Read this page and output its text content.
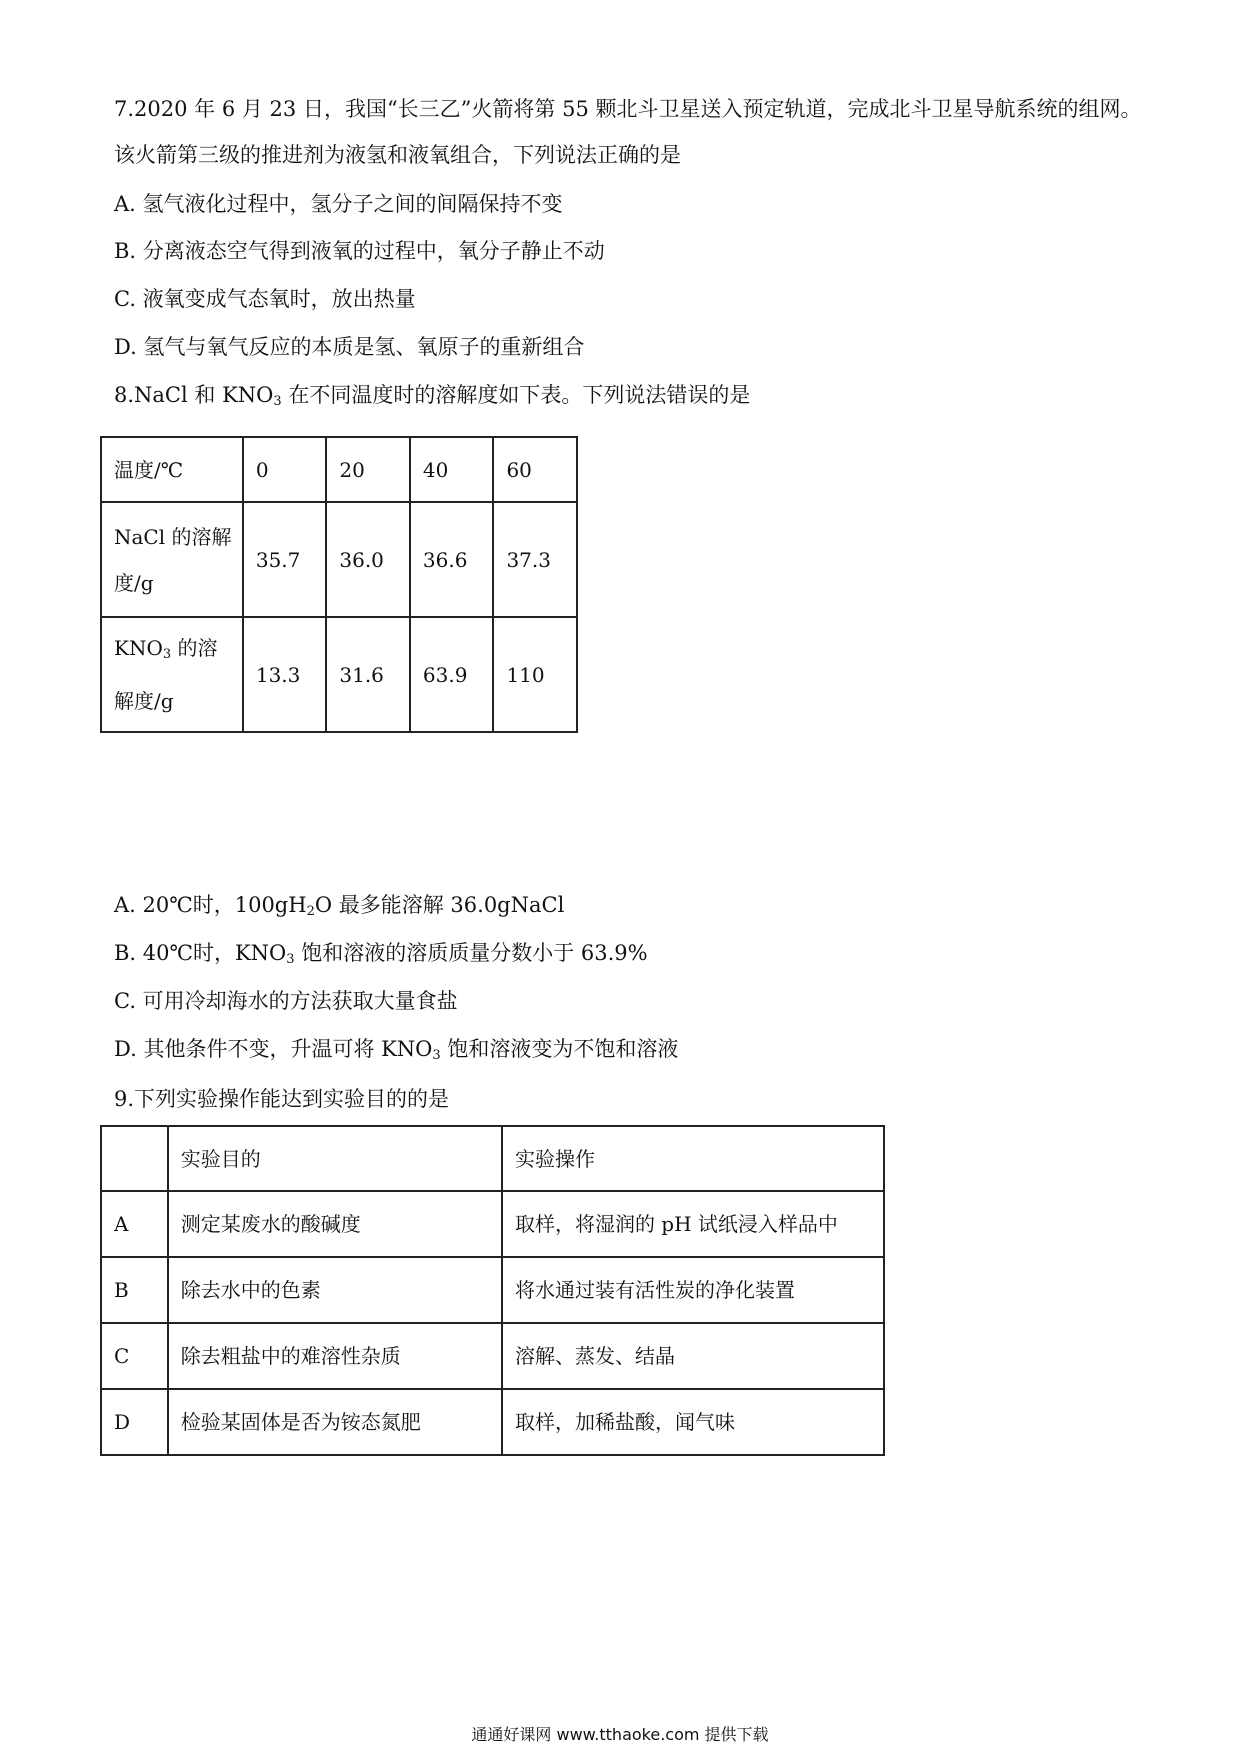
7.2020 年 6 月 23 日，我国“长三乙”火箭将第 55 颗北斗卫星送入预定轨道，完成北斗卫星导航系统的组网。
该火箭第三级的推进剂为液氢和液氧组合，下列说法正确的是
A. 氢气液化过程中，氢分子之间的间隔保持不变
B. 分离液态空气得到液氧的过程中，氧分子静止不动
C. 液氧变成气态氧时，放出热量
D. 氢气与氧气反应的本质是氢、氧原子的重新组合
8.NaCl 和 $KNO_3$ 在不同温度时的溶解度如下表。下列说法错误的是
温度/℃	0	20	40	60

NaCl 的溶解
度/g	35.7	36.0	36.6	37.3

$KNO_3$ 的溶
解度/g	13.3	31.6	63.9	110
A. 20℃时，$100gH_2O$ 最多能溶解 36.0gNaCl
B. 40℃时，$KNO_3$ 饱和溶液的溶质质量分数小于 63.9%
C. 可用冷却海水的方法获取大量食盐
D. 其他条件不变，升温可将 $KNO_3$ 饱和溶液变为不饱和溶液
9.下列实验操作能达到实验目的的是
	实验目的	实验操作
A	测定某废水的酸碱度	取样，将湿润的 pH 试纸浸入样品中
B	除去水中的色素	将水通过装有活性炭的净化装置
C	除去粗盐中的难溶性杂质	溶解、蒸发、结晶
D	检验某固体是否为铵态氮肥	取样，加稀盐酸，闻气味
通通好课网 www.tthaoke.com 提供下载
